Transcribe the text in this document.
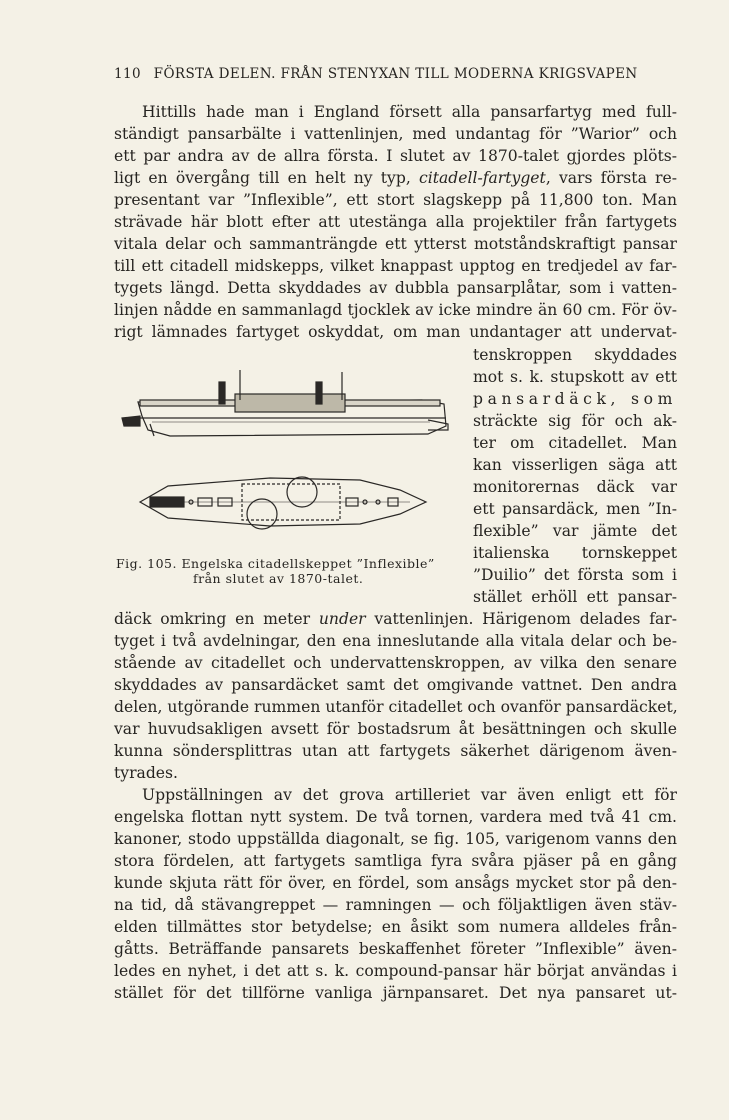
110 FÖRSTA DELEN. FRÅN STENYXAN TILL MODERNA KRIGSVAPEN
Hittills hade man i England försett alla pansarfartyg med full-
ständigt pansarbälte i vattenlinjen, med undantag för ”Warior” och
ett par andra av de allra första. I slutet av 1870-talet gjordes plöts-
ligt en övergång till en helt ny typ, citadell-fartyget, vars första re-
presentant var ”Inflexible”, ett stort slagskepp på 11,800 ton. Man
strävade här blott efter att utestänga alla projektiler från fartygets
vitala delar och sammanträngde ett ytterst motståndskraftigt pansar
till ett citadell midskepps, vilket knappast upptog en tredjedel av far-
tygets längd. Detta skyddades av dubbla pansarplåtar, som i vatten-
linjen nådde en sammanlagd tjocklek av icke mindre än 60 cm. För öv-
rigt lämnades fartyget oskyddat, om man undantager att undervat-
tenskroppen skyddades
mot s. k. stupskott av ett
pansardäck, som
sträckte sig för och ak-
ter om citadellet. Man
kan visserligen säga att
monitorernas däck var
ett pansardäck, men ”In-
flexible” var jämte det
italienska tornskeppet
”Duilio” det första som i
stället erhöll ett pansar-
Fig. 105. Engelska citadellskeppet ”Inflexible”
från slutet av 1870-talet.
däck omkring en meter under vattenlinjen. Härigenom delades far-
tyget i två avdelningar, den ena inneslutande alla vitala delar och be-
stående av citadellet och undervattenskroppen, av vilka den senare
skyddades av pansardäcket samt det omgivande vattnet. Den andra
delen, utgörande rummen utanför citadellet och ovanför pansardäcket,
var huvudsakligen avsett för bostadsrum åt besättningen och skulle
kunna söndersplittras utan att fartygets säkerhet därigenom även-
tyrades.
Uppställningen av det grova artilleriet var även enligt ett för
engelska flottan nytt system. De två tornen, vardera med två 41 cm.
kanoner, stodo uppställda diagonalt, se fig. 105, varigenom vanns den
stora fördelen, att fartygets samtliga fyra svåra pjäser på en gång
kunde skjuta rätt för över, en fördel, som ansågs mycket stor på den-
na tid, då stävangreppet — ramningen — och följaktligen även stäv-
elden tillmättes stor betydelse; en åsikt som numera alldeles från-
gåtts. Beträffande pansarets beskaffenhet företer ”Inflexible” även-
ledes en nyhet, i det att s. k. compound-pansar här börjat användas i
stället för det tillförne vanliga järnpansaret. Det nya pansaret ut-
